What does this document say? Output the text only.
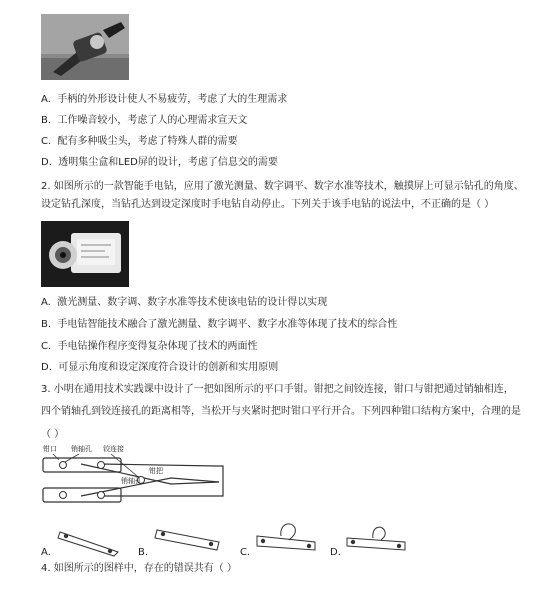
A. 手柄的外形设计使人不易疲劳，考虑了大的生理需求
B. 工作噪音较小，考虑了人的心理需求宣天文
C. 配有多种吸尘头，考虑了特殊人群的需要
D. 透明集尘盒和LED屏的设计，考虑了信息交的需要
2. 如图所示的一款智能手电钻，应用了激光测量、数字调平、数字水准等技术，触摸屏上可显示钻孔的角度、
设定钻孔深度，当钻孔达到设定深度时手电钻自动停止。下列关于该手电钻的说法中，不正确的是（ ）
A. 激光测量、数字调、数字水准等技术使该电钻的设计得以实现
B. 手电钻智能技术融合了激光测量、数字调平、数字水准等体现了技术的综合性
C. 手电钻操作程序变得复杂体现了技术的两面性
D. 可显示角度和设定深度符合设计的创新和实用原则
3. 小明在通用技术实践课中设计了一把如图所示的平口手钳。钳把之间铰连接，钳口与钳把通过销轴相连，
四个销轴孔到铰连接孔的距离相等，当松开与夹紧时把时钳口平行开合。下列四种钳口结构方案中，合理的是
（ ）
钳口 销轴孔 铰连接
销轴孔
钳把
A.	B.	C.	D.
4. 如图所示的图样中，存在的错误共有（ ）
